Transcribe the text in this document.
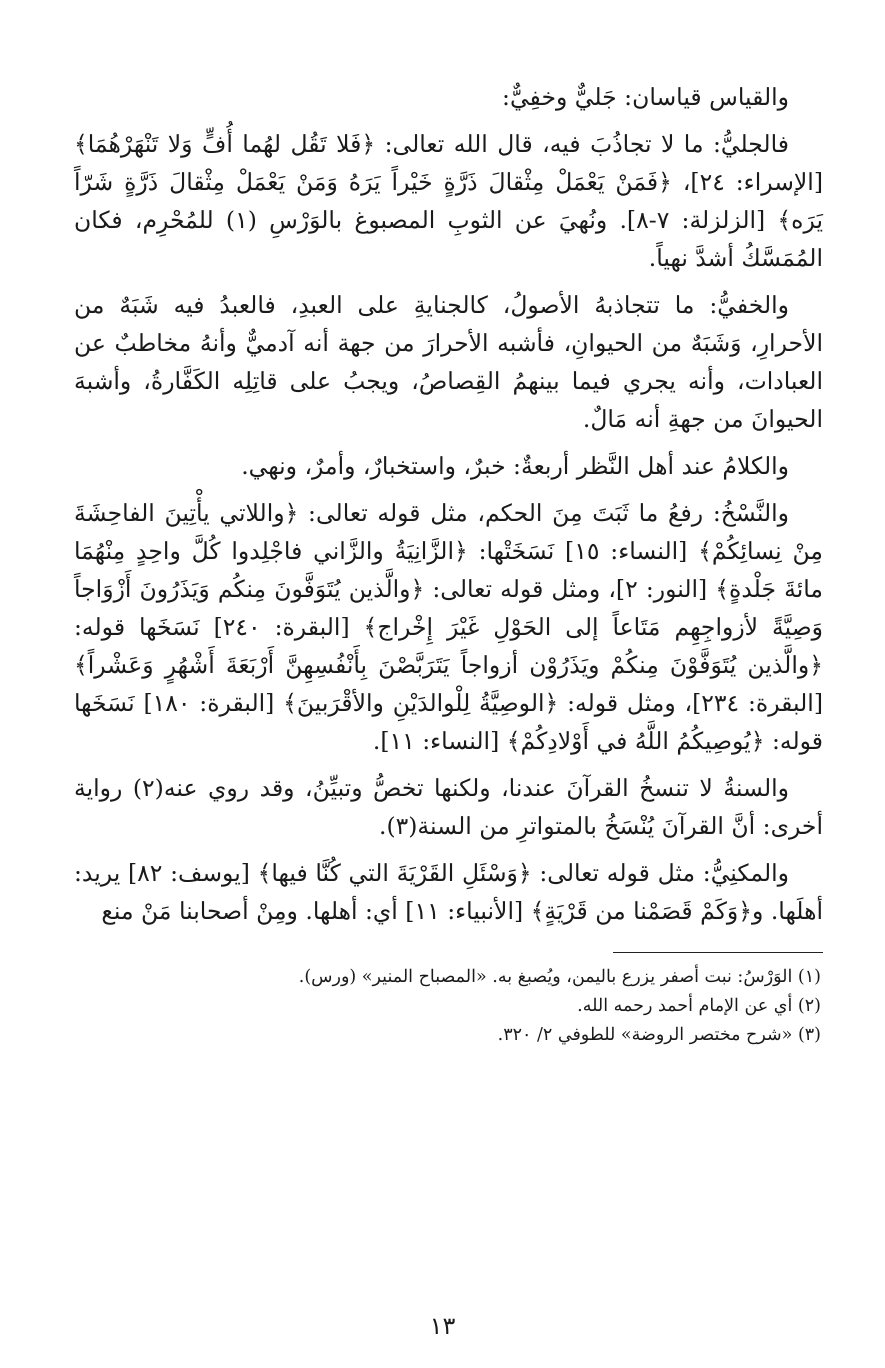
والقياس قياسان: جَليٌّ وخفِيٌّ:

فالجليُّ: ما لا تجاذُبَ فيه، قال الله تعالى: ﴿فَلا تَقُل لهُما أُفٍّ وَلا تَنْهَرْهُمَا﴾ [الإسراء: ٢٤]، ﴿فَمَنْ يَعْمَلْ مِثْقالَ ذَرَّةٍ خَيْراً يَرَهُ وَمَنْ يَعْمَلْ مِثْقالَ ذَرَّةٍ شَرّاً يَرَه﴾ [الزلزلة: ٧-٨]. ونُهيَ عن الثوبِ المصبوغ بالوَرْسِ (١) للمُحْرِم، فكان المُمَسَّكُ أشدَّ نهياً.

والخفيُّ: ما تتجاذبهُ الأصولُ، كالجنايةِ على العبدِ، فالعبدُ فيه شَبَهٌ من الأحرارِ، وَشَبَهٌ من الحيوانِ، فأشبه الأحرارَ من جهة أنه آدميٌّ وأنهُ مخاطبٌ عن العبادات، وأنه يجري فيما بينهمُ القِصاصُ، ويجبُ على قاتِلِه الكَفَّارةُ، وأشبهَ الحيوانَ من جهةِ أنه مَالٌ.

والكلامُ عند أهل النَّظر أربعةٌ: خبرٌ، واستخبارٌ، وأمرٌ، ونهي.

والنَّسْخُ: رفعُ ما ثَبَتَ مِنَ الحكم، مثل قوله تعالى: ﴿واللاتي يأْتِينَ الفاحِشَةَ مِنْ نِسائِكُمْ﴾ [النساء: ١٥] نَسَخَتْها: ﴿الزَّانِيَةُ والزَّاني فاجْلِدوا كُلَّ واحِدٍ مِنْهُمَا مائةَ جَلْدةٍ﴾ [النور: ٢]، ومثل قوله تعالى: ﴿والَّذين يُتَوَفَّونَ مِنكُم وَيَذَرُونَ أَزْوَاجاً وَصِيَّةً لأزواجِهِم مَتَاعاً إلى الحَوْلِ غَيْرَ إِخْراج﴾ [البقرة: ٢٤٠] نَسَخَها قوله: ﴿والَّذين يُتَوَفَّوْنَ مِنكُمْ ويَذَرُوْن أزواجاً يَتَرَبَّصْنَ بِأَنْفُسِهِنَّ أَرْبَعَةَ أَشْهُرٍ وَعَشْراً﴾ [البقرة: ٢٣٤]، ومثل قوله: ﴿الوصِيَّةُ لِلْوالدَيْنِ والأقْرَبينَ﴾ [البقرة: ١٨٠] نَسَخَها قوله: ﴿يُوصِيكُمُ اللَّهُ في أَوْلادِكُمْ﴾ [النساء: ١١].

والسنةُ لا تنسخُ القرآنَ عندنا، ولكنها تخصُّ وتبيِّنُ، وقد روي عنه(٢) رواية أخرى: أنَّ القرآنَ يُنْسَخُ بالمتواترِ من السنة(٣).

والمكنِيُّ: مثل قوله تعالى: ﴿وَسْئَلِ القَرْيَةَ التي كُنَّا فيها﴾ [يوسف: ٨٢] يريد: أهلَها. و﴿وَكَمْ قَصَمْنا من قَرْيَةٍ﴾ [الأنبياء: ١١] أي: أهلها. ومِنْ أصحابنا مَنْ منع

(١) الوَرْسُ: نبت أصفر يزرع باليمن، ويُصبغ به. «المصباح المنير» (ورس).

(٢) أي عن الإمام أحمد رحمه الله.

(٣) «شرح مختصر الروضة» للطوفي ٢/ ٣٢٠.

١٣
